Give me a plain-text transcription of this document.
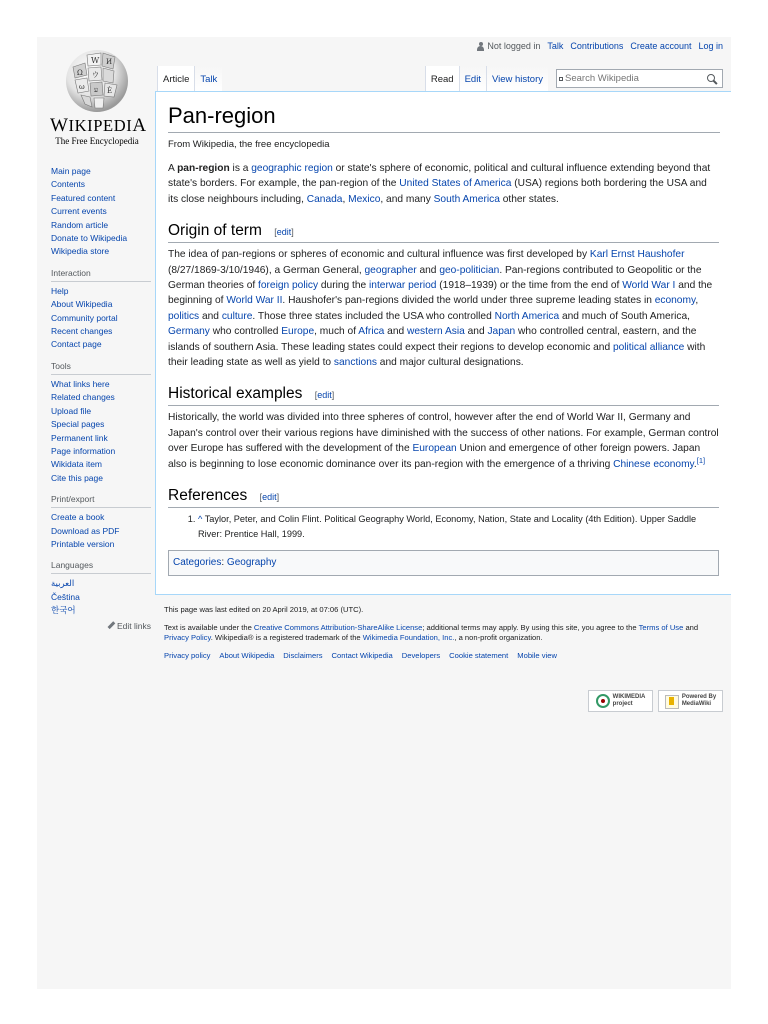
Not logged in Talk Contributions Create account Log in
Ω
W И
ウ
ω ע Ѐ
WIKIPEDIA
The Free Encyclopedia
Main page
Contents
Featured content
Current events
Random article
Donate to Wikipedia
Wikipedia store
Interaction
Help
About Wikipedia
Community portal
Recent changes
Contact page
Tools
What links here
Related changes
Upload file
Special pages
Permanent link
Page information
Wikidata item
Cite this page
Print/export
Create a book
Download as PDF
Printable version
Languages
العربية
Čeština
한국어
Edit links
Article	Talk	Read	Edit	View history
Search Wikipedia
Pan-region
From Wikipedia, the free encyclopedia

A pan-region is a geographic region or state's sphere of economic, political and cultural influence extending beyond that state's borders. For example, the pan-region of the United States of America (USA) regions both bordering the USA and its close neighbours including, Canada, Mexico, and many South America other states.

Origin of term [edit]

The idea of pan-regions or spheres of economic and cultural influence was first developed by Karl Ernst Haushofer (8/27/1869-3/10/1946), a German General, geographer and geo-politician. Pan-regions contributed to Geopolitic or the German theories of foreign policy during the interwar period (1918–1939) or the time from the end of World War I and the beginning of World War II. Haushofer's pan-regions divided the world under three supreme leading states in economy, politics and culture. Those three states included the USA who controlled North America and much of South America, Germany who controlled Europe, much of Africa and western Asia and Japan who controlled central, eastern, and the islands of southern Asia. These leading states could expect their regions to develop economic and political alliance with their leading state as well as yield to sanctions and major cultural designations.

Historical examples [edit]

Historically, the world was divided into three spheres of control, however after the end of World War II, Germany and Japan's control over their various regions have diminished with the success of other nations. For example, German control over Europe has suffered with the development of the European Union and emergence of other foreign powers. Japan also is beginning to lose economic dominance over its pan-region with the emergence of a thriving Chinese economy.[1]

References [edit]
1. ^ Taylor, Peter, and Colin Flint. Political Geography World, Economy, Nation, State and Locality (4th Edition). Upper Saddle River: Prentice Hall, 1999.
Categories: Geography

This page was last edited on 20 April 2019, at 07:06 (UTC).

Text is available under the Creative Commons Attribution-ShareAlike License; additional terms may apply. By using this site, you agree to the Terms of Use and Privacy Policy. Wikipedia® is a registered trademark of the Wikimedia Foundation, Inc., a non-profit organization.

Privacy policy About Wikipedia Disclaimers Contact Wikipedia Developers Cookie statement Mobile view
WIKIMEDIA
project
Powered By
MediaWiki
